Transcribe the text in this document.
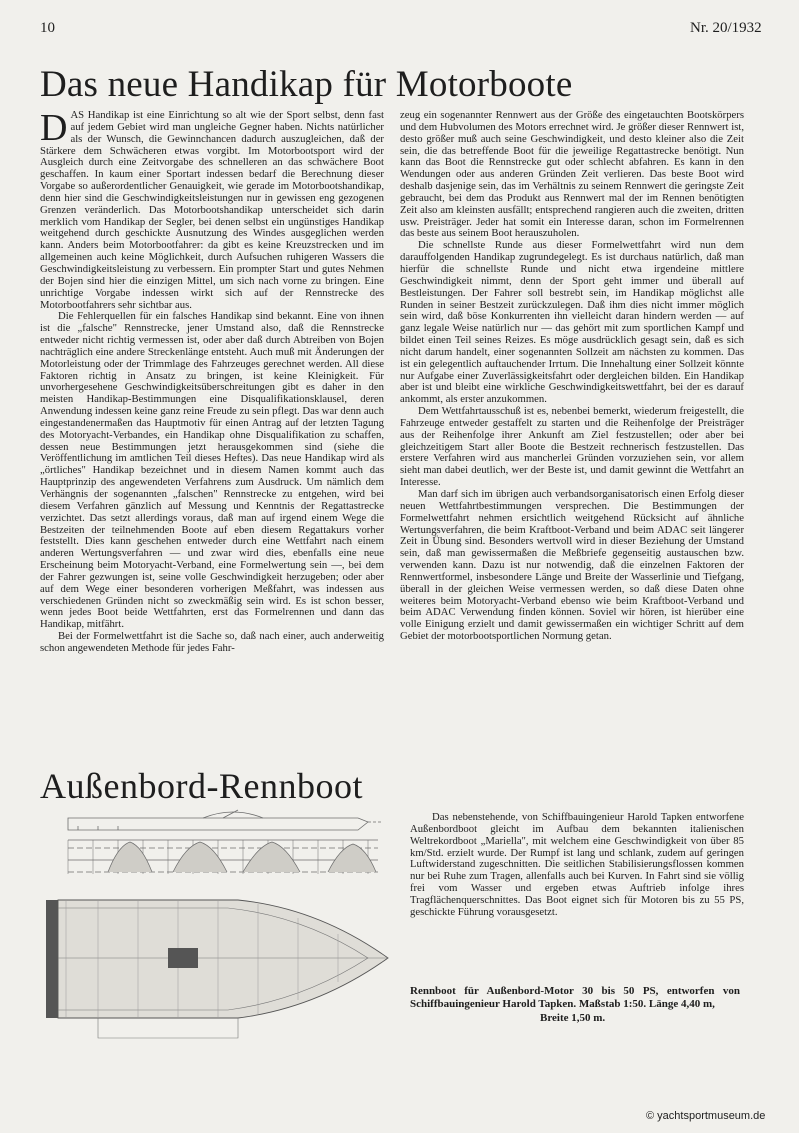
10	Nr. 20/1932
Das neue Handikap für Motorboote

DAS Handikap ist eine Einrichtung so alt wie der Sport selbst, denn fast auf jedem Gebiet wird man ungleiche Gegner haben. Nichts natürlicher als der Wunsch, die Gewinnchancen dadurch auszugleichen, daß der Stärkere dem Schwächeren etwas vorgibt. Im Motorbootsport wird der Ausgleich durch eine Zeitvorgabe des schnelleren an das schwächere Boot geschaffen. In kaum einer Sportart indessen bedarf die Berechnung dieser Vorgabe so außerordentlicher Genauigkeit, wie gerade im Motorbootshandikap, denn hier sind die Geschwindigkeitsleistungen nur in gewissen eng gezogenen Grenzen veränderlich. Das Motorbootshandikap unterscheidet sich darin merklich vom Handikap der Segler, bei denen selbst ein ungünstiges Handikap weitgehend durch geschickte Ausnutzung des Windes ausgeglichen werden kann. Anders beim Motorbootfahrer: da gibt es keine Kreuzstrecken und im allgemeinen auch keine Möglichkeit, durch Aufsuchen ruhigeren Wassers die Geschwindigkeitsleistung zu verbessern. Ein prompter Start und gutes Nehmen der Bojen sind hier die einzigen Mittel, um sich nach vorne zu bringen. Eine unrichtige Vorgabe indessen wirkt sich auf der Rennstrecke des Motorbootfahrers sehr sichtbar aus.

Die Fehlerquellen für ein falsches Handikap sind bekannt. Eine von ihnen ist die „falsche" Rennstrecke, jener Umstand also, daß die Rennstrecke entweder nicht richtig vermessen ist, oder aber daß durch Abtreiben von Bojen nachträglich eine andere Streckenlänge entsteht. Auch muß mit Änderungen der Motorleistung oder der Trimmlage des Fahrzeuges gerechnet werden. All diese Faktoren richtig in Ansatz zu bringen, ist keine Kleinigkeit. Für unvorhergesehene Geschwindigkeitsüberschreitungen gibt es daher in den meisten Handikap-Bestimmungen eine Disqualifikationsklausel, deren Anwendung indessen keine ganz reine Freude zu sein pflegt. Das war denn auch eingestandenermaßen das Hauptmotiv für einen Antrag auf der letzten Tagung des Motoryacht-Verbandes, ein Handikap ohne Disqualifikation zu schaffen, dessen neue Bestimmungen jetzt herausgekommen sind (siehe die Veröffentlichung im amtlichen Teil dieses Heftes). Das neue Handikap wird als „örtliches" Handikap bezeichnet und in diesem Namen kommt auch das Hauptprinzip des angewendeten Verfahrens zum Ausdruck. Um nämlich dem Verhängnis der sogenannten „falschen" Rennstrecke zu entgehen, wird bei diesem Verfahren gänzlich auf Messung und Kenntnis der Regattastrecke verzichtet. Das setzt allerdings voraus, daß man auf irgend einem Wege die Bestzeiten der teilnehmenden Boote auf eben diesem Regattakurs vorher feststellt. Dies kann geschehen entweder durch eine Wettfahrt nach einem anderen Wertungsverfahren — und zwar wird dies, ebenfalls eine neue Erscheinung beim Motoryacht-Verband, eine Formelwertung sein —, bei dem der Fahrer gezwungen ist, seine volle Geschwindigkeit herzugeben; oder aber auf dem Wege einer besonderen vorherigen Meßfahrt, was indessen aus verschiedenen Gründen nicht so zweckmäßig sein wird. Es ist schon besser, wenn jedes Boot beide Wettfahrten, erst das Formelrennen und dann das Handikap, mitfährt.

Bei der Formelwettfahrt ist die Sache so, daß nach einer, auch anderweitig schon angewendeten Methode für jedes Fahr-

zeug ein sogenannter Rennwert aus der Größe des eingetauchten Bootskörpers und dem Hubvolumen des Motors errechnet wird. Je größer dieser Rennwert ist, desto größer muß auch seine Geschwindigkeit, und desto kleiner also die Zeit sein, die das betreffende Boot für die jeweilige Regattastrecke benötigt. Nun kann das Boot die Rennstrecke gut oder schlecht abfahren. Es kann in den Wendungen oder aus anderen Gründen Zeit verlieren. Das beste Boot wird deshalb dasjenige sein, das im Verhältnis zu seinem Rennwert die geringste Zeit gebraucht, bei dem das Produkt aus Rennwert mal der im Rennen benötigten Zeit also am kleinsten ausfällt; entsprechend rangieren auch die zweiten, dritten usw. Preisträger. Jeder hat somit ein Interesse daran, schon im Formelrennen das beste aus seinem Boot herauszuholen.

Die schnellste Runde aus dieser Formelwettfahrt wird nun dem darauffolgenden Handikap zugrundegelegt. Es ist durchaus natürlich, daß man hierfür die schnellste Runde und nicht etwa irgendeine mittlere Geschwindigkeit nimmt, denn der Sport geht immer und überall auf Bestleistungen. Der Fahrer soll bestrebt sein, im Handikap möglichst alle Runden in seiner Bestzeit zurückzulegen. Daß ihm dies nicht immer möglich sein wird, daß böse Konkurrenten ihn vielleicht daran hindern werden — auf ganz legale Weise natürlich nur — das gehört mit zum sportlichen Kampf und bildet einen Teil seines Reizes. Es möge ausdrücklich gesagt sein, daß es sich nicht darum handelt, einer sogenannten Sollzeit am nächsten zu kommen. Das ist ein gelegentlich auftauchender Irrtum. Die Innehaltung einer Sollzeit könnte nur Aufgabe einer Zuverlässigkeitsfahrt oder dergleichen bilden. Ein Handikap aber ist und bleibt eine wirkliche Geschwindigkeitswettfahrt, bei der es darauf ankommt, als erster anzukommen.

Dem Wettfahrtausschuß ist es, nebenbei bemerkt, wiederum freigestellt, die Fahrzeuge entweder gestaffelt zu starten und die Reihenfolge der Preisträger aus der Reihenfolge ihrer Ankunft am Ziel festzustellen; oder aber bei gleichzeitigem Start aller Boote die Bestzeit rechnerisch festzustellen. Das erstere Verfahren wird aus mancherlei Gründen vorzuziehen sein, vor allem sieht man dabei deutlich, wer der Beste ist, und damit gewinnt die Wettfahrt an Interesse.

Man darf sich im übrigen auch verbandsorganisatorisch einen Erfolg dieser neuen Wettfahrtbestimmungen versprechen. Die Bestimmungen der Formelwettfahrt nehmen ersichtlich weitgehend Rücksicht auf ähnliche Wertungsverfahren, die beim Kraftboot-Verband und beim ADAC seit längerer Zeit in Übung sind. Besonders wertvoll wird in dieser Beziehung der Umstand sein, daß man gewissermaßen die Meßbriefe gegenseitig austauschen bzw. verwenden kann. Dazu ist nur notwendig, daß die einzelnen Faktoren der Rennwertformel, insbesondere Länge und Breite der Wasserlinie und Tiefgang, überall in der gleichen Weise vermessen werden, so daß diese Daten ohne weiteres beim Motoryacht-Verband ebenso wie beim Kraftboot-Verband und beim ADAC Verwendung finden können. Soviel wir hören, ist hierüber eine volle Einigung erzielt und damit gewissermaßen ein wichtiger Schritt auf dem Gebiet der motorbootsportlichen Normung getan.

Außenbord-Rennboot

Das nebenstehende, von Schiffbauingenieur Harold Tapken entworfene Außenbordboot gleicht im Aufbau dem bekannten italienischen Weltrekordboot „Mariella", mit welchem eine Geschwindigkeit von über 85 km/Std. erzielt wurde. Der Rumpf ist lang und schlank, zudem auf geringen Luftwiderstand zugeschnitten. Die seitlichen Stabilisierungsflossen kommen nur bei Ruhe zum Tragen, allenfalls auch bei Kurven. In Fahrt sind sie völlig frei vom Wasser und ergeben etwas Auftrieb infolge ihres Tragflächenquerschnittes. Das Boot eignet sich für Motoren bis zu 55 PS, geschickte Führung vorausgesetzt.

Rennboot für Außenbord-Motor 30 bis 50 PS, entworfen von Schiffbauingenieur Harold Tapken. Maßstab 1:50. Länge 4,40 m,
Breite 1,50 m.
© yachtsportmuseum.de
